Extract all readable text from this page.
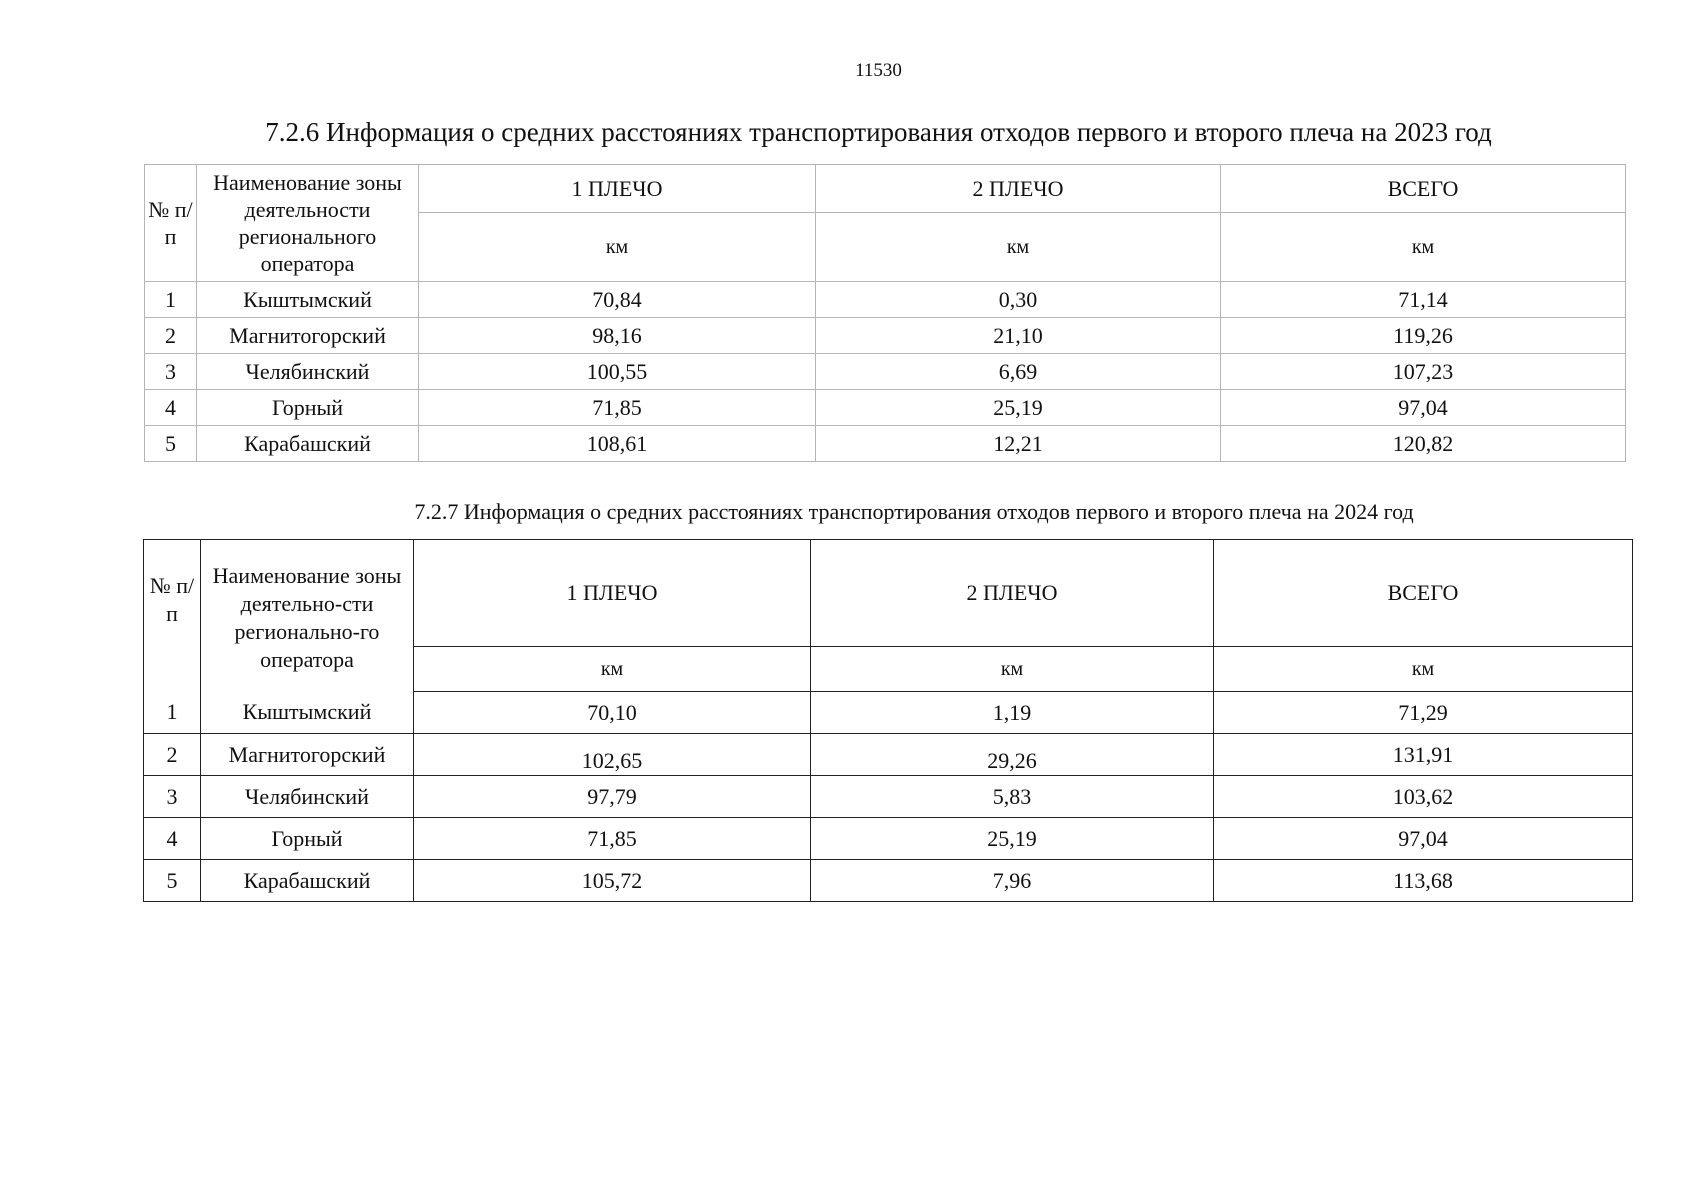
11530
7.2.6 Информация о средних расстояниях транспортирования отходов первого и второго плеча на 2023 год
№ п/п	Наименование зоны деятельности регионального оператора	1 ПЛЕЧО	2 ПЛЕЧО	ВСЕГО
		км	км	км
1	Кыштымский	70,84	0,30	71,14
2	Магнитогорский	98,16	21,10	119,26
3	Челябинский	100,55	6,69	107,23
4	Горный	71,85	25,19	97,04
5	Карабашский	108,61	12,21	120,82
7.2.7 Информация о средних расстояниях транспортирования отходов первого и второго плеча на 2024 год
№ п/п	Наименование зоны деятельно-сти регионально-го оператора	1 ПЛЕЧО	2 ПЛЕЧО	ВСЕГО
		км	км	км
1	Кыштымский	70,10	1,19	71,29
2	Магнитогорский	102,65	29,26	131,91
3	Челябинский	97,79	5,83	103,62
4	Горный	71,85	25,19	97,04
5	Карабашский	105,72	7,96	113,68
